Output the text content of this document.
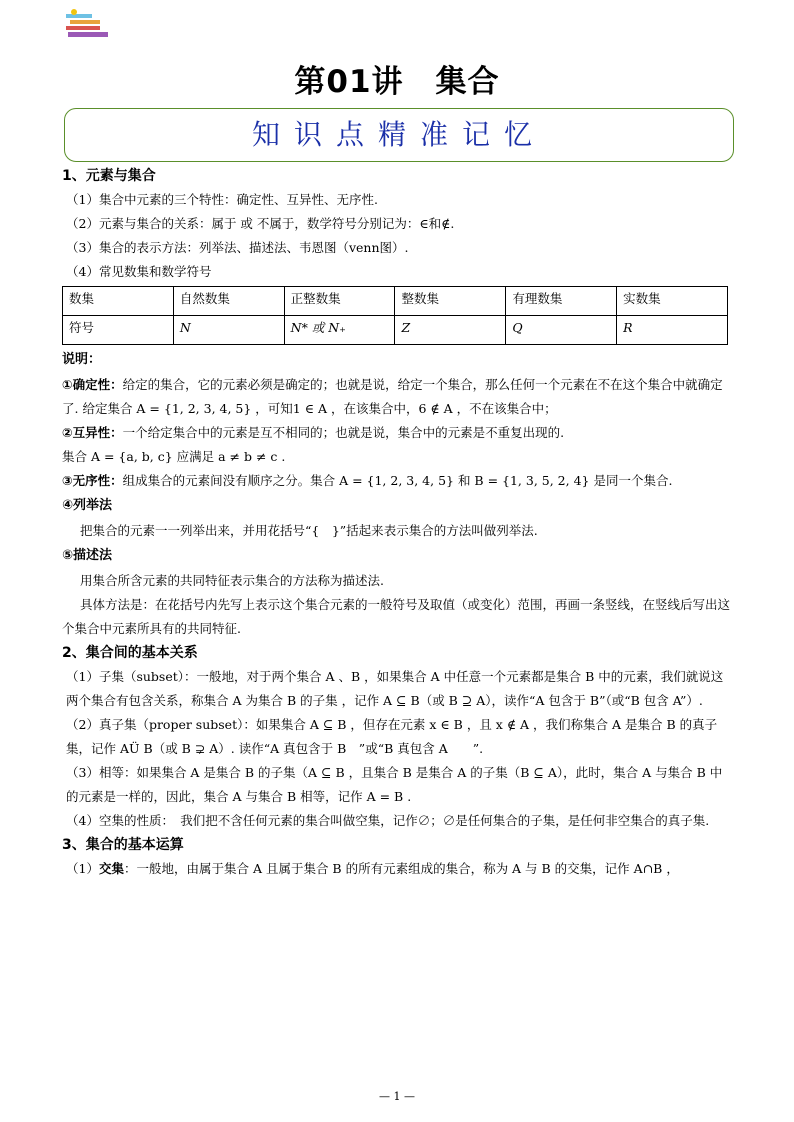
第01讲　集合
知识点精准记忆

1、元素与集合

（1）集合中元素的三个特性：确定性、互异性、无序性.

（2）元素与集合的关系：属于 或 不属于，数学符号分别记为：∈和∉.

（3）集合的表示方法：列举法、描述法、韦恩图（venn图）.

（4）常见数集和数学符号

数集	自然数集	正整数集	整数集	有理数集	实数集
符号	N	N* 或 N₊	Z	Q	R

说明：

①确定性：给定的集合，它的元素必须是确定的；也就是说，给定一个集合，那么任何一个元素在不在这个集合中就确定了. 给定集合 A = {1, 2, 3, 4, 5} ，可知1 ∈ A ，在该集合中，6 ∉ A ，不在该集合中；

②互异性：一个给定集合中的元素是互不相同的；也就是说，集合中的元素是不重复出现的.

集合 A = {a, b, c} 应满足 a ≠ b ≠ c .

③无序性：组成集合的元素间没有顺序之分。集合 A = {1, 2, 3, 4, 5} 和 B = {1, 3, 5, 2, 4} 是同一个集合.

④列举法

把集合的元素一一列举出来，并用花括号“{　}”括起来表示集合的方法叫做列举法.

⑤描述法

用集合所含元素的共同特征表示集合的方法称为描述法.

具体方法是：在花括号内先写上表示这个集合元素的一般符号及取值（或变化）范围，再画一条竖线，在竖线后写出这个集合中元素所具有的共同特征.

2、集合间的基本关系

（1）子集（subset）：一般地，对于两个集合 A 、B ，如果集合 A 中任意一个元素都是集合 B 中的元素，我们就说这两个集合有包含关系，称集合 A 为集合 B 的子集 ，记作 A ⊆ B（或 B ⊇ A），读作“A 包含于 B”（或“B 包含 A”）.

（2）真子集（proper subset）：如果集合 A ⊆ B ，但存在元素 x ∈ B ，且 x ∉ A ，我们称集合 A 是集合 B 的真子集，记作 AÜ B（或 B ⊋ A）. 读作“A 真包含于 B　”或“B 真包含 A　　”.

（3）相等：如果集合 A 是集合 B 的子集（A ⊆ B ，且集合 B 是集合 A 的子集（B ⊆ A），此时，集合 A 与集合 B 中的元素是一样的，因此，集合 A 与集合 B 相等，记作 A = B .

（4）空集的性质：　我们把不含任何元素的集合叫做空集，记作∅；∅是任何集合的子集，是任何非空集合的真子集.

3、集合的基本运算

（1）交集：一般地，由属于集合 A 且属于集合 B 的所有元素组成的集合，称为 A 与 B 的交集，记作 A∩B ，

— 1 —
